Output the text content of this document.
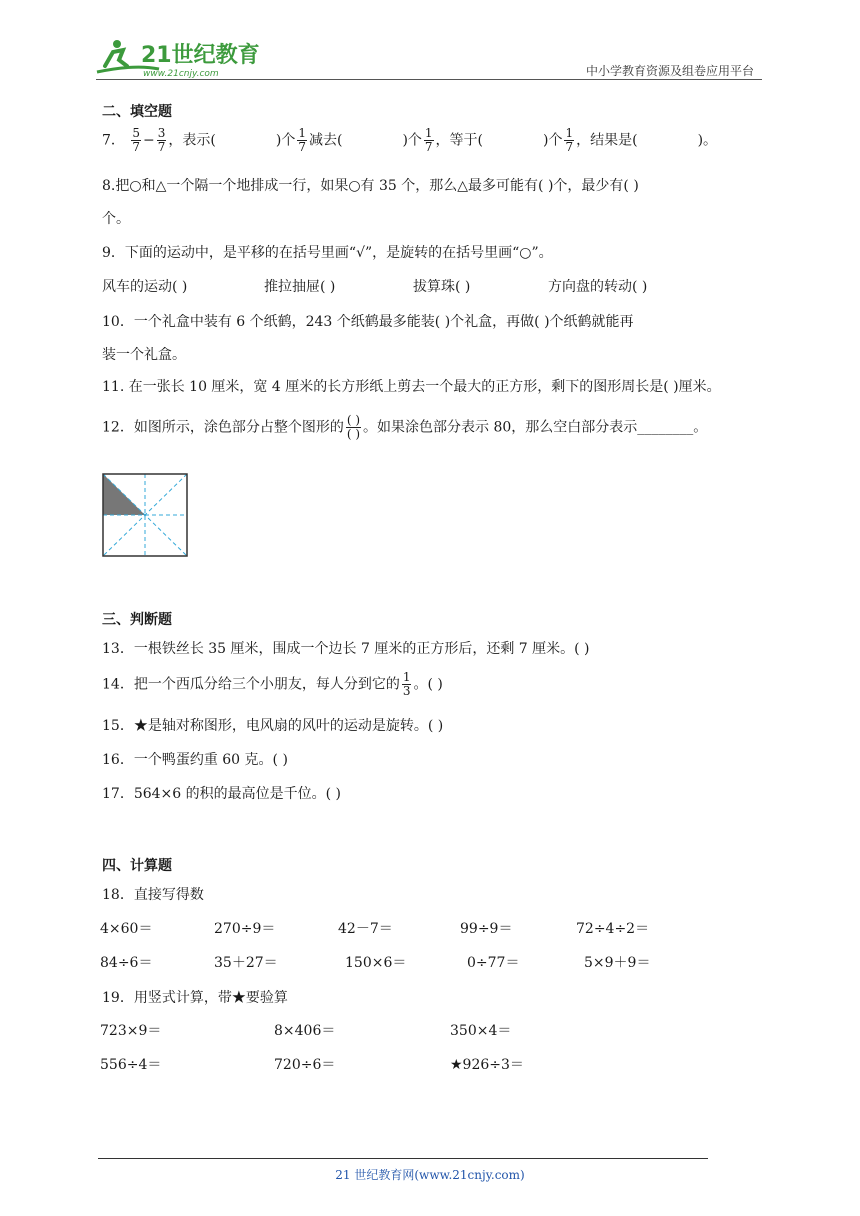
21世纪教育
www.21cnjy.com	中小学教育资源及组卷应用平台
二、填空题
7． $\frac{5}{7} - \frac{3}{7}$ ，表示(	)个 $\frac{1}{7}$ 减去(	)个 $\frac{1}{7}$ ，等于(	)个 $\frac{1}{7}$ ，结果是(	)。
8.把○和△一个隔一个地排成一行，如果○有 35 个，那么△最多可能有( )个，最少有( )
个。
9．下面的运动中，是平移的在括号里画“√”，是旋转的在括号里画“○”。
风车的运动( )	推拉抽屉( )	拔算珠( )	方向盘的转动( )
10．一个礼盒中装有 6 个纸鹤，243 个纸鹤最多能装( )个礼盒，再做( )个纸鹤就能再
装一个礼盒。
11. 在一张长 10 厘米，宽 4 厘米的长方形纸上剪去一个最大的正方形，剩下的图形周长是( )厘米。
12．如图所示，涂色部分占整个图形的 $\frac{( )}{( )}$ 。如果涂色部分表示 80，那么空白部分表示________。
三、判断题
13．一根铁丝长 35 厘米，围成一个边长 7 厘米的正方形后，还剩 7 厘米。( )
14．把一个西瓜分给三个小朋友，每人分到它的 $\frac{1}{3}$ 。( )
15．★是轴对称图形，电风扇的风叶的运动是旋转。( )
16．一个鸭蛋约重 60 克。( )
17．564×6 的积的最高位是千位。( )
四、计算题
18．直接写得数
4×60＝	270÷9＝	42－7＝	99÷9＝	72÷4÷2＝
84÷6＝	35＋27＝	150×6＝	0÷77＝	5×9＋9＝
19．用竖式计算，带★要验算
723×9＝	8×406＝	350×4＝
556÷4＝	720÷6＝	★926÷3＝
21 世纪教育网(www.21cnjy.com)
